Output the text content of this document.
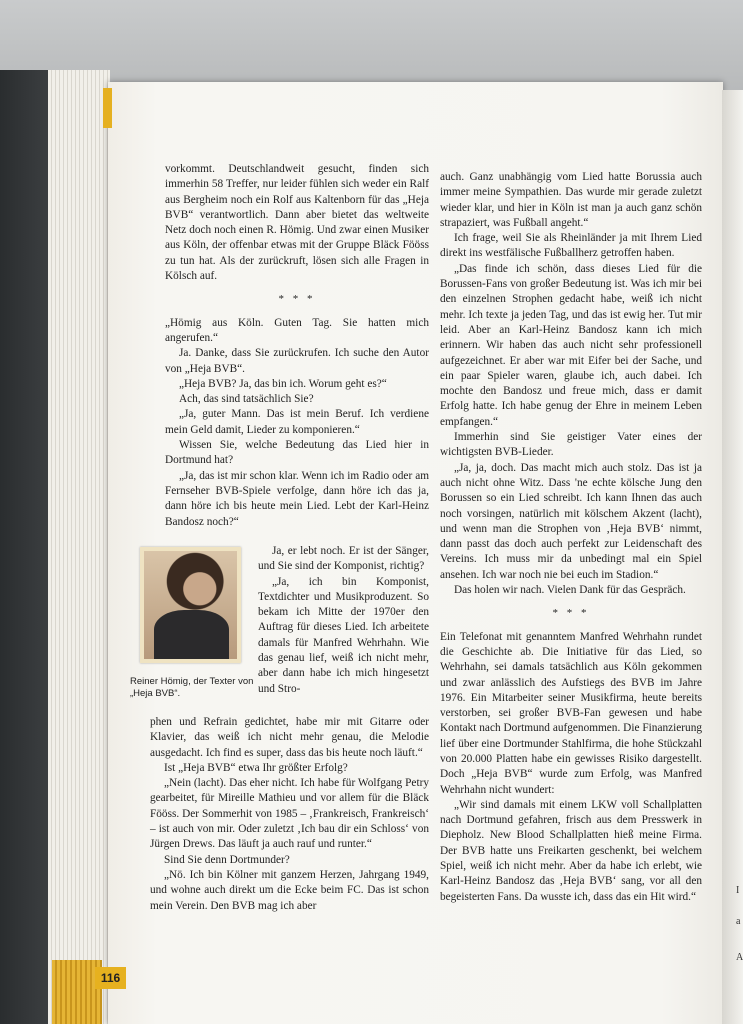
I
a
A

vorkommt. Deutschlandweit gesucht, finden sich immerhin 58 Treffer, nur leider fühlen sich weder ein Ralf aus Bergheim noch ein Rolf aus Kaltenborn für das „Heja BVB“ verantwortlich. Dann aber bietet das weltweite Netz doch noch einen R. Hömig. Und zwar einen Musiker aus Köln, der offenbar etwas mit der Gruppe Bläck Fööss zu tun hat. Als der zurückruft, lösen sich alle Fragen in Kölsch auf.

* * *

„Hömig aus Köln. Guten Tag. Sie hatten mich angerufen.“

Ja. Danke, dass Sie zurückrufen. Ich suche den Autor von „Heja BVB“.

„Heja BVB? Ja, das bin ich. Worum geht es?“

Ach, das sind tatsächlich Sie?

„Ja, guter Mann. Das ist mein Beruf. Ich verdiene mein Geld damit, Lieder zu komponieren.“

Wissen Sie, welche Bedeutung das Lied hier in Dortmund hat?

„Ja, das ist mir schon klar. Wenn ich im Radio oder am Fernseher BVB-Spiele verfolge, dann höre ich das ja, dann höre ich bis heute mein Lied. Lebt der Karl-Heinz Bandosz noch?“

Reiner Hömig, der Texter von „Heja BVB“.

Ja, er lebt noch. Er ist der Sänger, und Sie sind der Komponist, richtig?

„Ja, ich bin Komponist, Textdichter und Musikproduzent. So bekam ich Mitte der 1970er den Auftrag für dieses Lied. Ich arbeitete damals für Manfred Wehrhahn. Wie das genau lief, weiß ich nicht mehr, aber dann habe ich mich hingesetzt und Stro-

phen und Refrain gedichtet, habe mir mit Gitarre oder Klavier, das weiß ich nicht mehr genau, die Melodie ausgedacht. Ich find es super, dass das bis heute noch läuft.“

Ist „Heja BVB“ etwa Ihr größter Erfolg?

„Nein (lacht). Das eher nicht. Ich habe für Wolfgang Petry gearbeitet, für Mireille Mathieu und vor allem für die Bläck Fööss. Der Sommerhit von 1985 – ‚Frankreisch, Frankreisch‘ – ist auch von mir. Oder zuletzt ‚Ich bau dir ein Schloss‘ von Jürgen Drews. Das läuft ja auch rauf und runter.“

Sind Sie denn Dortmunder?

„Nö. Ich bin Kölner mit ganzem Herzen, Jahrgang 1949, und wohne auch direkt um die Ecke beim FC. Das ist schon mein Verein. Den BVB mag ich aber

auch. Ganz unabhängig vom Lied hatte Borussia auch immer meine Sympathien. Das wurde mir gerade zuletzt wieder klar, und hier in Köln ist man ja auch ganz schön strapaziert, was Fußball angeht.“

Ich frage, weil Sie als Rheinländer ja mit Ihrem Lied direkt ins westfälische Fußballherz getroffen haben.

„Das finde ich schön, dass dieses Lied für die Borussen-Fans von großer Bedeutung ist. Was ich mir bei den einzelnen Strophen gedacht habe, weiß ich nicht mehr. Ich texte ja jeden Tag, und das ist ewig her. Tut mir leid. Aber an Karl-Heinz Bandosz kann ich mich erinnern. Wir haben das auch nicht sehr professionell aufgezeichnet. Er aber war mit Eifer bei der Sache, und ein paar Spieler waren, glaube ich, auch dabei. Ich mochte den Bandosz und freue mich, dass er damit Erfolg hatte. Ich habe genug der Ehre in meinem Leben empfangen.“

Immerhin sind Sie geistiger Vater eines der wichtigsten BVB-Lieder.

„Ja, ja, doch. Das macht mich auch stolz. Das ist ja auch nicht ohne Witz. Dass 'ne echte kölsche Jung den Borussen so ein Lied schreibt. Ich kann Ihnen das auch noch vorsingen, natürlich mit kölschem Akzent (lacht), und wenn man die Strophen von ‚Heja BVB‘ nimmt, dann passt das doch auch perfekt zur Leidenschaft des Vereins. Ich muss mir da unbedingt mal ein Spiel ansehen. Ich war noch nie bei euch im Stadion.“

Das holen wir nach. Vielen Dank für das Gespräch.

* * *

Ein Telefonat mit genanntem Manfred Wehrhahn rundet die Geschichte ab. Die Initiative für das Lied, so Wehrhahn, sei damals tatsächlich aus Köln gekommen und zwar anlässlich des Aufstiegs des BVB im Jahre 1976. Ein Mitarbeiter seiner Musikfirma, heute bereits verstorben, sei großer BVB-Fan gewesen und habe Kontakt nach Dortmund aufgenommen. Die Finanzierung lief über eine Dortmunder Stahlfirma, die hohe Stückzahl von 20.000 Platten habe ein gewisses Risiko dargestellt. Doch „Heja BVB“ wurde zum Erfolg, was Manfred Wehrhahn nicht wundert:

„Wir sind damals mit einem LKW voll Schallplatten nach Dortmund gefahren, frisch aus dem Presswerk in Diepholz. New Blood Schallplatten hieß meine Firma. Der BVB hatte uns Freikarten geschenkt, bei welchem Spiel, weiß ich nicht mehr. Aber da habe ich erlebt, wie Karl-Heinz Bandosz das ‚Heja BVB‘ sang, vor all den begeisterten Fans. Da wusste ich, dass das ein Hit wird.“

116
